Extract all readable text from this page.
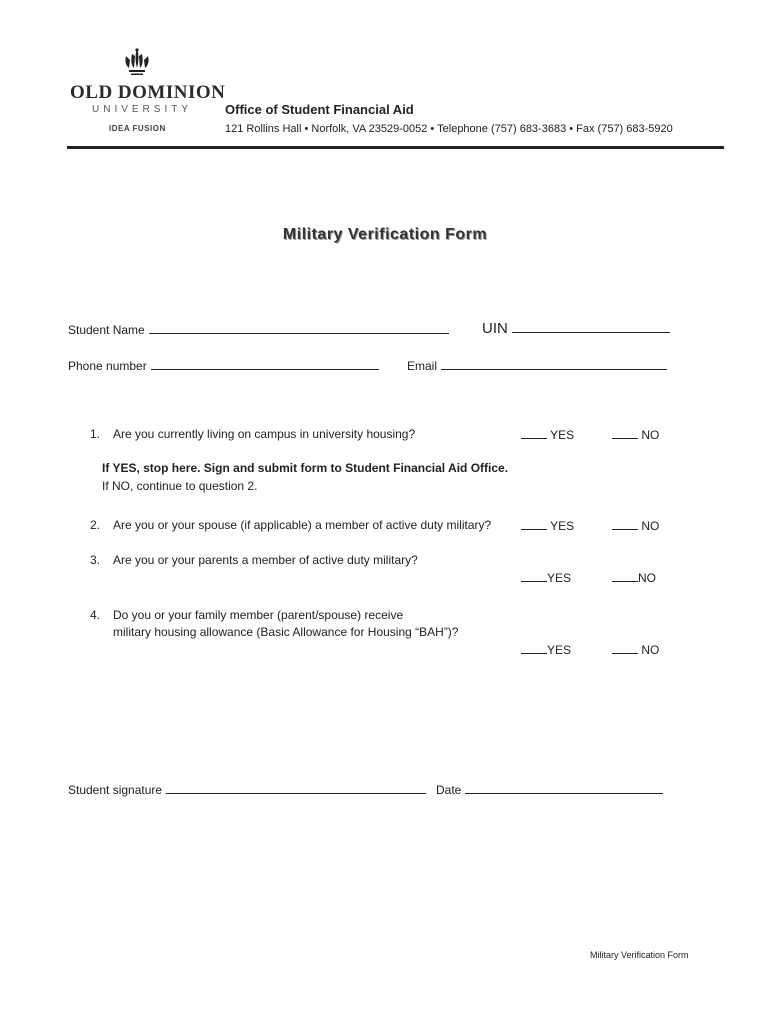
OLD DOMINION
UNIVERSITY
IDEA FUSION
Office of Student Financial Aid
121 Rollins Hall • Norfolk, VA 23529-0052 • Telephone (757) 683-3683 • Fax (757) 683-5920
Military Verification Form
Student Name	UIN
Phone number	Email
1. Are you currently living on campus in university housing?	YES	NO
If YES, stop here. Sign and submit form to Student Financial Aid Office.
If NO, continue to question 2.
2. Are you or your spouse (if applicable) a member of active duty military?	YES	NO
3. Are you or your parents a member of active duty military?
YES	NO
4. Do you or your family member (parent/spouse) receive
military housing allowance (Basic Allowance for Housing “BAH”)?
YES	NO
Student signature	Date
Military Verification Form
